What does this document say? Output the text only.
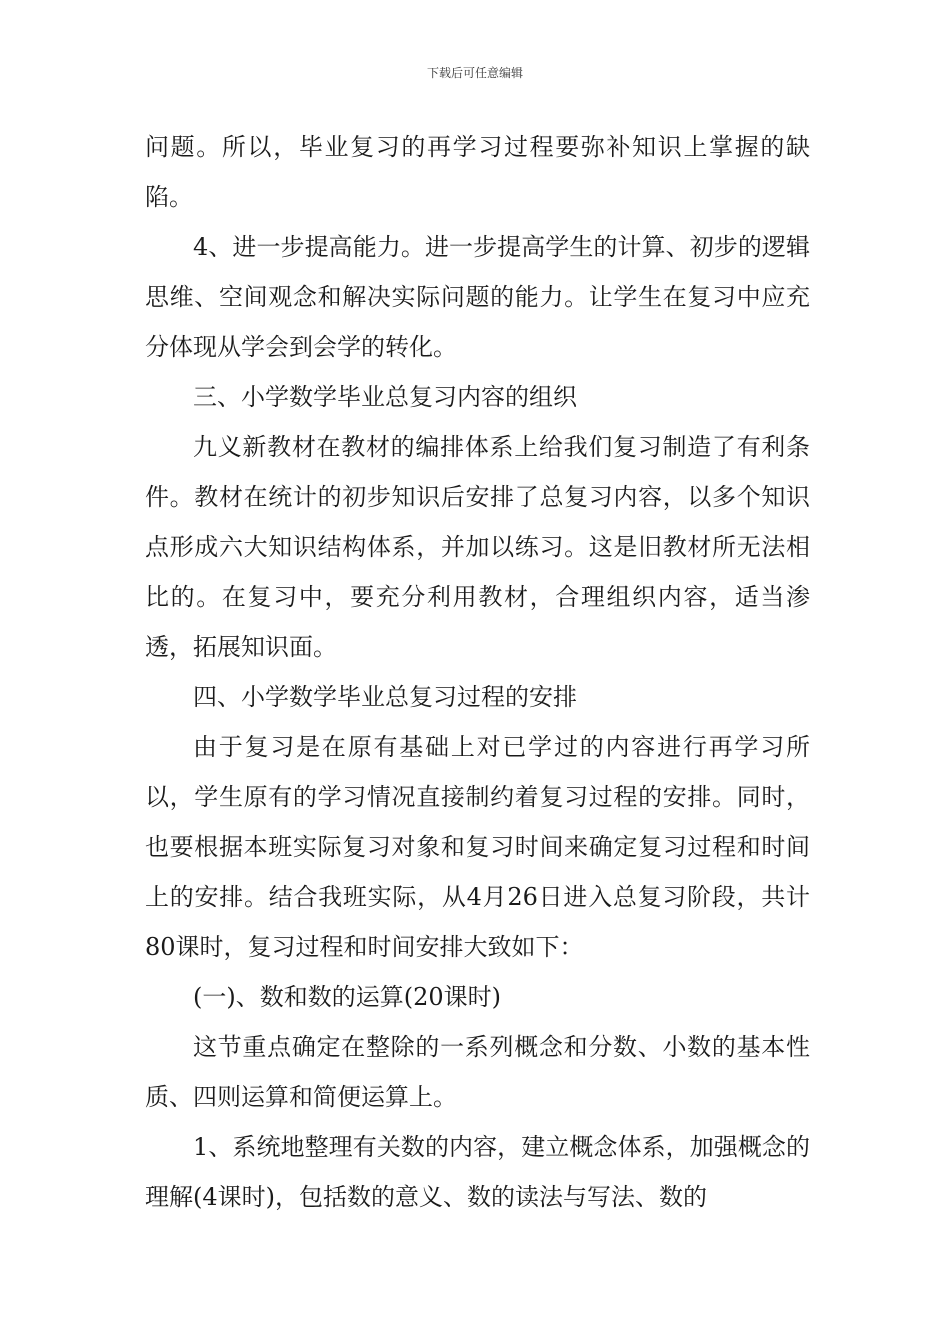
下载后可任意编辑

问题。所以，毕业复习的再学习过程要弥补知识上掌握的缺陷。

4、进一步提高能力。进一步提高学生的计算、初步的逻辑思维、空间观念和解决实际问题的能力。让学生在复习中应充分体现从学会到会学的转化。

三、小学数学毕业总复习内容的组织

九义新教材在教材的编排体系上给我们复习制造了有利条件。教材在统计的初步知识后安排了总复习内容，以多个知识点形成六大知识结构体系，并加以练习。这是旧教材所无法相比的。在复习中，要充分利用教材，合理组织内容，适当渗透，拓展知识面。

四、小学数学毕业总复习过程的安排

由于复习是在原有基础上对已学过的内容进行再学习所以，学生原有的学习情况直接制约着复习过程的安排。同时，也要根据本班实际复习对象和复习时间来确定复习过程和时间上的安排。结合我班实际，从4月26日进入总复习阶段，共计80课时，复习过程和时间安排大致如下：

(一)、数和数的运算(20课时)

这节重点确定在整除的一系列概念和分数、小数的基本性质、四则运算和简便运算上。

1、系统地整理有关数的内容，建立概念体系，加强概念的理解(4课时)，包括数的意义、数的读法与写法、数的
